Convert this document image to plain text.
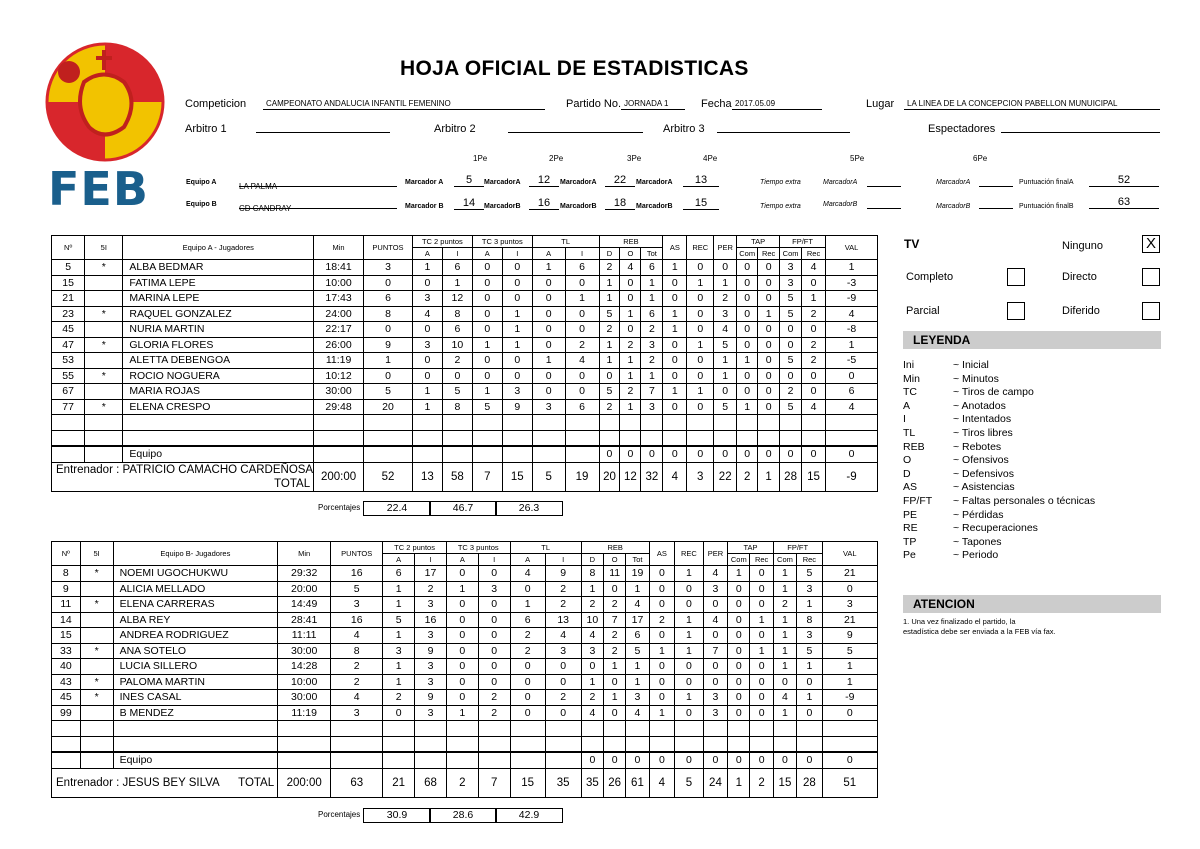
FEB
HOJA OFICIAL DE ESTADISTICAS
Competicion	CAMPEONATO ANDALUCIA INFANTIL FEMENINO	Partido No. JORNADA 1	Fecha 2017.05.09	Lugar	LA LINEA DE LA CONCEPCION PABELLON MUNUICIPAL
Arbitro 1	Arbitro 2	Arbitro 3	Espectadores
1Pe	2Pe	3Pe	4Pe	5Pe	6Pe
Equipo A	LA PALMA	Marcador A	5	MarcadorA	12	MarcadorA	22	MarcadorA	13	Tiempo extra	MarcadorA	MarcadorA	Puntuación finalA	52
Equipo B	CD CANDRAY	Marcador B	14	MarcadorB	16	MarcadorB	18	MarcadorB	15	Tiempo extra	MarcadorB	MarcadorB	Puntuación finalB	63
Nº	5I	Equipo A - Jugadores	Min	PUNTOS	TC 2 puntos		TC 3 puntos		TL		REB			AS	REC	PER	TAP		FP/FT		VAL
					A	I	A	I	A	I	D	O	Tot				Com	Rec	Com	Rec	
5	*	ALBA BEDMAR	18:41	3	1	6	0	0	1	6	2	4	6	1	0	0	0	0	3	4	1
15		FATIMA LEPE	10:00	0	0	1	0	0	0	0	1	0	1	0	1	1	0	0	3	0	-3
21		MARINA LEPE	17:43	6	3	12	0	0	0	1	1	0	1	0	0	2	0	0	5	1	-9
23	*	RAQUEL GONZALEZ	24:00	8	4	8	0	1	0	0	5	1	6	1	0	3	0	1	5	2	4
45		NURIA MARTIN	22:17	0	0	6	0	1	0	0	2	0	2	1	0	4	0	0	0	0	-8
47	*	GLORIA FLORES	26:00	9	3	10	1	1	0	2	1	2	3	0	1	5	0	0	0	2	1
53		ALETTA DEBENGOA	11:19	1	0	2	0	0	1	4	1	1	2	0	0	1	1	0	5	2	-5
55	*	ROCIO NOGUERA	10:12	0	0	0	0	0	0	0	0	1	1	0	0	1	0	0	0	0	0
67		MARIA ROJAS	30:00	5	1	5	1	3	0	0	5	2	7	1	1	0	0	0	2	0	6
77	*	ELENA CRESPO	29:48	20	1	8	5	9	3	6	2	1	3	0	0	5	1	0	5	4	4

		Equipo									0	0	0	0	0	0	0	0	0	0	0
Entrenador : PATRICIO CAMACHO CARDEÑOSA
TOTAL			200:00	52	13	58	7	15	5	19	20	12	32	4	3	22	2	1	28	15	-9
Porcentajes	22.4	46.7	26.3
Nº	5I	Equipo B- Jugadores	Min	PUNTOS	TC 2 puntos		TC 3 puntos		TL		REB			AS	REC	PER	TAP		FP/FT		VAL
					A	I	A	I	A	I	D	O	Tot				Com	Rec	Com	Rec	
8	*	NOEMI UGOCHUKWU	29:32	16	6	17	0	0	4	9	8	11	19	0	1	4	1	0	1	5	21
9		ALICIA MELLADO	20:00	5	1	2	1	3	0	2	1	0	1	0	0	3	0	0	1	3	0
11	*	ELENA CARRERAS	14:49	3	1	3	0	0	1	2	2	2	4	0	0	0	0	0	2	1	3
14		ALBA REY	28:41	16	5	16	0	0	6	13	10	7	17	2	1	4	0	1	1	8	21
15		ANDREA RODRIGUEZ	11:11	4	1	3	0	0	2	4	4	2	6	0	1	0	0	0	1	3	9
33	*	ANA SOTELO	30:00	8	3	9	0	0	2	3	3	2	5	1	1	7	0	1	1	5	5
40		LUCIA SILLERO	14:28	2	1	3	0	0	0	0	0	1	1	0	0	0	0	0	1	1	1
43	*	PALOMA MARTIN	10:00	2	1	3	0	0	0	0	1	0	1	0	0	0	0	0	0	0	1
45	*	INES CASAL	30:00	4	2	9	0	2	0	2	2	1	3	0	1	3	0	0	4	1	-9
99		B MENDEZ	11:19	3	0	3	1	2	0	0	4	0	4	1	0	3	0	0	1	0	0

		Equipo									0	0	0	0	0	0	0	0	0	0	0
Entrenador : JESUS BEY SILVA TOTAL			200:00	63	21	68	2	7	15	35	35	26	61	4	5	24	1	2	15	28	51
Porcentajes	30.9	28.6	42.9
TV	Ninguno	X
Completo	Directo
Parcial	Diferido
LEYENDA
Ini	~ Inicial
Min	~ Minutos
TC	~ Tiros de campo
A	~ Anotados
I	~ Intentados
TL	~ Tiros libres
REB	~ Rebotes
O	~ Ofensivos
D	~ Defensivos
AS	~ Asistencias
FP/FT ~ Faltas personales o técnicas
PE	~ Pérdidas
RE	~ Recuperaciones
TP	~ Tapones
Pe	~ Periodo
ATENCION
1. Una vez finalizado el partido, la
estadística debe ser enviada a la FEB vía fax.
